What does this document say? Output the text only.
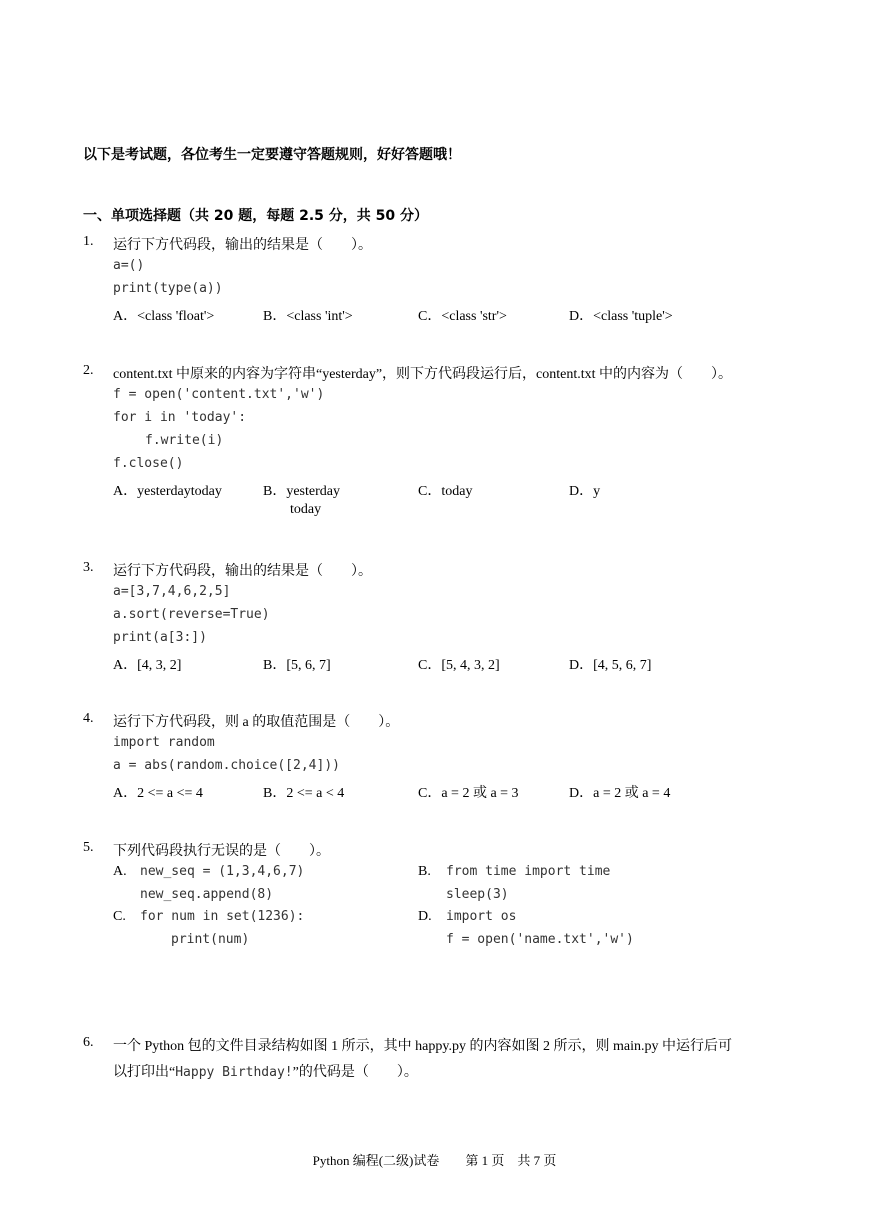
以下是考试题，各位考生一定要遵守答题规则，好好答题哦！
一、单项选择题（共 20 题，每题 2.5 分，共 50 分）
1. 运行下方代码段，输出的结果是（　　）。
a=()
print(type(a))
A．<class 'float'>	B．<class 'int'>	C．<class 'str'>	D．<class 'tuple'>
2. content.txt 中原来的内容为字符串“yesterday”，则下方代码段运行后，content.txt 中的内容为（　　）。
f = open('content.txt','w')
for i in 'today':
f.write(i)
f.close()
A．yesterdaytoday	B．yesterday
today
C．today	D．y
3. 运行下方代码段，输出的结果是（　　）。
a=[3,7,4,6,2,5]
a.sort(reverse=True)
print(a[3:])
A．[4, 3, 2]	B．[5, 6, 7]	C．[5, 4, 3, 2]	D．[4, 5, 6, 7]
4. 运行下方代码段，则 a 的取值范围是（　　）。
import random
a = abs(random.choice([2,4]))
A．2 <= a <= 4	B．2 <= a < 4	C．a = 2 或 a = 3	D．a = 2 或 a = 4
5. 下列代码段执行无误的是（　　）。
A. new_seq = (1,3,4,6,7)
new_seq.append(8)
B. from time import time
sleep(3)
C. for num in set(1236):
print(num)
D. import os
f = open('name.txt','w')
6. 一个 Python 包的文件目录结构如图 1 所示，其中 happy.py 的内容如图 2 所示，则 main.py 中运行后可
以打印出“Happy Birthday!”的代码是（　　）。
Python 编程(二级)试卷　　第 1 页　共 7 页
